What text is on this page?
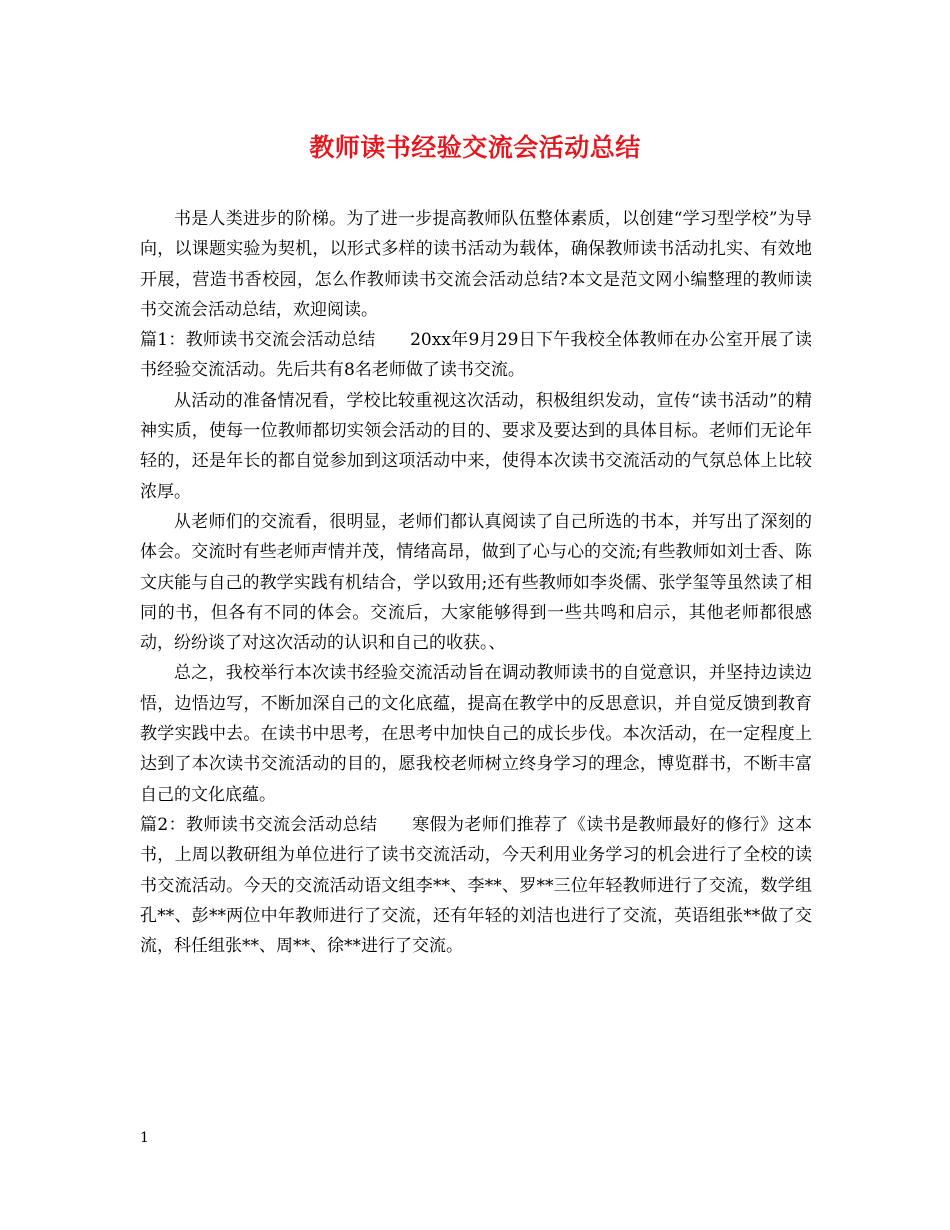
教师读书经验交流会活动总结

书是人类进步的阶梯。为了进一步提高教师队伍整体素质，以创建“学习型学校”为导向，以课题实验为契机，以形式多样的读书活动为载体，确保教师读书活动扎实、有效地开展，营造书香校园，怎么作教师读书交流会活动总结?本文是范文网小编整理的教师读书交流会活动总结，欢迎阅读。

篇1：教师读书交流会活动总结　　20xx年9月29日下午我校全体教师在办公室开展了读书经验交流活动。先后共有8名老师做了读书交流。

从活动的准备情况看，学校比较重视这次活动，积极组织发动，宣传“读书活动”的精神实质，使每一位教师都切实领会活动的目的、要求及要达到的具体目标。老师们无论年轻的，还是年长的都自觉参加到这项活动中来，使得本次读书交流活动的气氛总体上比较浓厚。

从老师们的交流看，很明显，老师们都认真阅读了自己所选的书本，并写出了深刻的体会。交流时有些老师声情并茂，情绪高昂，做到了心与心的交流;有些教师如刘士香、陈文庆能与自己的教学实践有机结合，学以致用;还有些教师如李炎儒、张学玺等虽然读了相同的书，但各有不同的体会。交流后，大家能够得到一些共鸣和启示，其他老师都很感动，纷纷谈了对这次活动的认识和自己的收获。、

总之，我校举行本次读书经验交流活动旨在调动教师读书的自觉意识，并坚持边读边悟，边悟边写，不断加深自己的文化底蕴，提高在教学中的反思意识，并自觉反馈到教育教学实践中去。在读书中思考，在思考中加快自己的成长步伐。本次活动，在一定程度上达到了本次读书交流活动的目的，愿我校老师树立终身学习的理念，博览群书，不断丰富自己的文化底蕴。

篇2：教师读书交流会活动总结　　寒假为老师们推荐了《读书是教师最好的修行》这本书，上周以教研组为单位进行了读书交流活动，今天利用业务学习的机会进行了全校的读书交流活动。今天的交流活动语文组李**、李**、罗**三位年轻教师进行了交流，数学组孔**、彭**两位中年教师进行了交流，还有年轻的刘洁也进行了交流，英语组张**做了交流，科任组张**、周**、徐**进行了交流。

1
